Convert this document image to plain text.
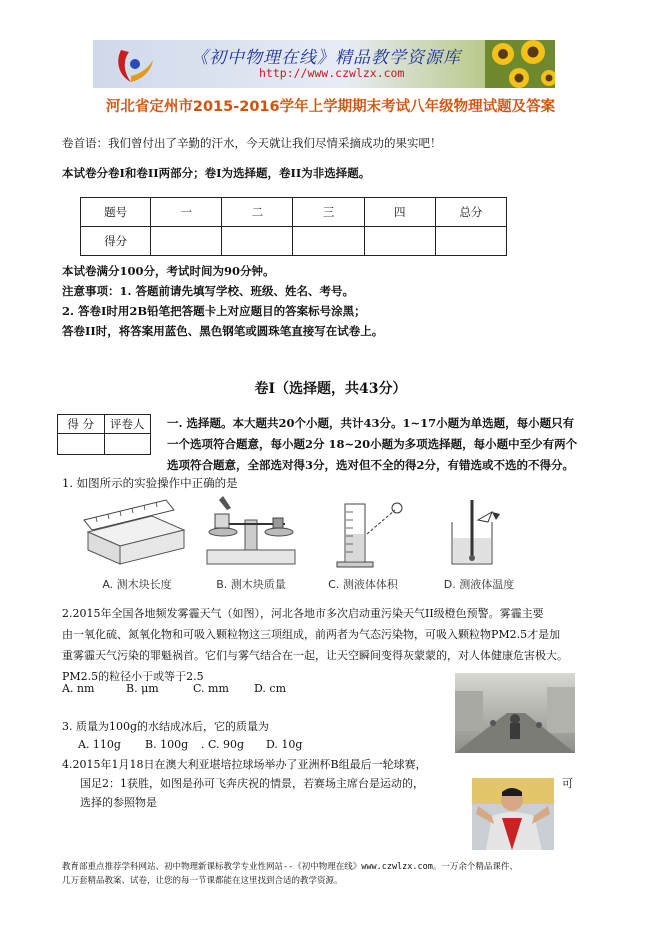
《初中物理在线》精品教学资源库
http://www.czwlzx.com
河北省定州市2015-2016学年上学期期末考试八年级物理试题及答案
卷首语：我们曾付出了辛勤的汗水，今天就让我们尽情采摘成功的果实吧！
本试卷分卷I和卷II两部分；卷I为选择题，卷II为非选择题。
题号	一	二	三	四	总分
得分					
本试卷满分100分，考试时间为90分钟。
注意事项：1. 答题前请先填写学校、班级、姓名、考号。
2. 答卷I时用2B铅笔把答题卡上对应题目的答案标号涂黑；
答卷II时，将答案用蓝色、黑色钢笔或圆珠笔直接写在试卷上。
卷I（选择题，共43分）
得 分	评卷人
	一. 选择题。本大题共20个小题，共计43分。1~17小题为单选题，每小题只有
一个选项符合题意，每小题2分 18~20小题为多项选择题，每小题中至少有两个
选项符合题意，全部选对得3分，选对但不全的得2分，有错选或不选的不得分。
1. 如图所示的实验操作中正确的是
A. 测木块长度	B. 测木块质量	C. 测液体体积	D. 测液体温度
2.2015年全国各地频发雾霾天气（如图），河北各地市多次启动重污染天气II级橙色预警。雾霾主要
由一氧化硫、氮氧化物和可吸入颗粒物这三项组成，前两者为气态污染物，可吸入颗粒物PM2.5才是加
重雾霾天气污染的罪魁祸首。它们与雾气结合在一起，让天空瞬间变得灰蒙蒙的，对人体健康危害极大。
PM2.5的粒径小于或等于2.5
A. nm	B. μm	C. mm D. cm
3. 质量为100g的水结成冰后，它的质量为
A. 110g B. 100g . C. 90g D. 10g
4.2015年1月18日在澳大利亚堪培拉球场举办了亚洲杯B组最后一轮球赛，
国足2：1获胜，如图是孙可飞奔庆祝的情景，若赛场主席台是运动的，
选择的参照物是
可
教育部重点推荐学科网站、初中物理新课标教学专业性网站--《初中物理在线》www.czwlzx.com。一万余个精品课件、
几万套精品教案、试卷，让您的每一节课都能在这里找到合适的教学资源。
